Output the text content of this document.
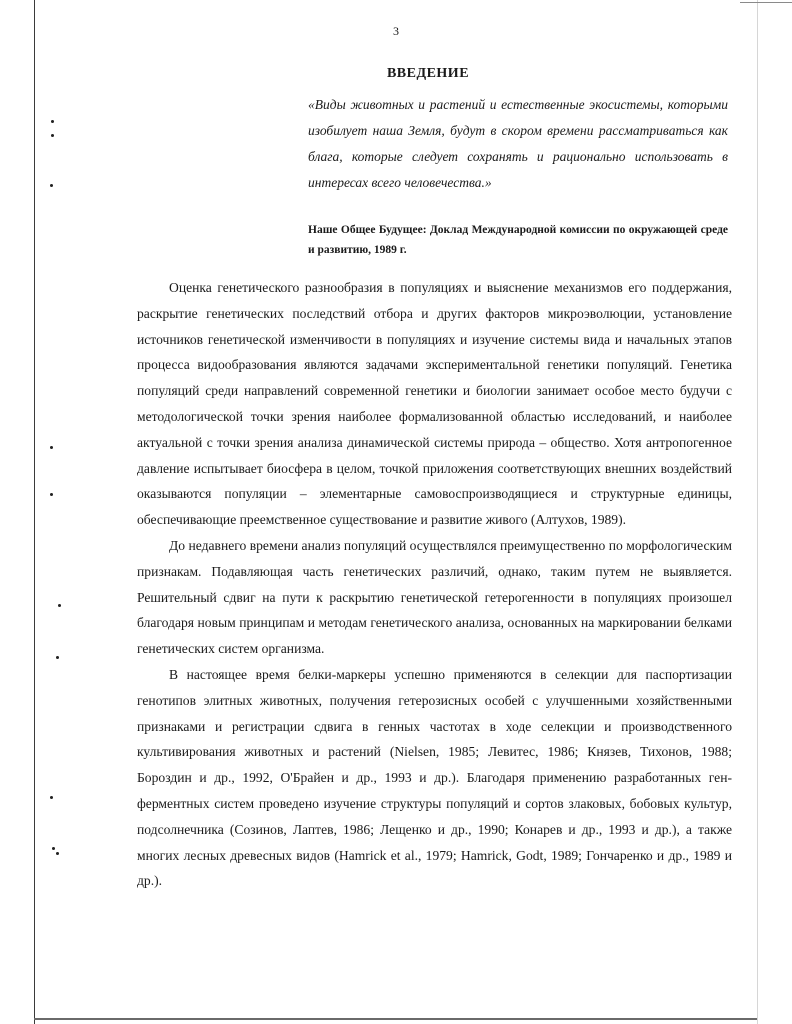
3
ВВЕДЕНИЕ
«Виды животных и растений и естественные экосистемы, которыми изобилует наша Земля, будут в скором времени рассматриваться как блага, которые следует сохранять и рационально использовать в интересах всего человечества.»
Наше Общее Будущее: Доклад Международной комиссии по окружающей среде и развитию, 1989 г.

Оценка генетического разнообразия в популяциях и выяснение механизмов его поддержания, раскрытие генетических последствий отбора и других факторов микроэволюции, установление источников генетической изменчивости в популяциях и изучение системы вида и начальных этапов процесса видообразования являются задачами экспериментальной генетики популяций. Генетика популяций среди направлений современной генетики и биологии занимает особое место будучи с методологической точки зрения наиболее формализованной областью исследований, и наиболее актуальной с точки зрения анализа динамической системы природа – общество. Хотя антропогенное давление испытывает биосфера в целом, точкой приложения соответствующих внешних воздействий оказываются популяции – элементарные самовоспроизводящиеся и структурные единицы, обеспечивающие преемственное существование и развитие живого (Алтухов, 1989).

До недавнего времени анализ популяций осуществлялся преимущественно по морфологическим признакам. Подавляющая часть генетических различий, однако, таким путем не выявляется. Решительный сдвиг на пути к раскрытию генетической гетерогенности в популяциях произошел благодаря новым принципам и методам генетического анализа, основанных на маркировании белками генетических систем организма.

В настоящее время белки-маркеры успешно применяются в селекции для паспортизации генотипов элитных животных, получения гетерозисных особей с улучшенными хозяйственными признаками и регистрации сдвига в генных частотах в ходе селекции и производственного культивирования животных и растений (Nielsen, 1985; Левитес, 1986; Князев, Тихонов, 1988; Бороздин и др., 1992, О'Брайен и др., 1993 и др.). Благодаря применению разработанных ген-ферментных систем проведено изучение структуры популяций и сортов злаковых, бобовых культур, подсолнечника (Созинов, Лаптев, 1986; Лещенко и др., 1990; Конарев и др., 1993 и др.), а также многих лесных древесных видов (Hamrick et al., 1979; Hamrick, Godt, 1989; Гончаренко и др., 1989 и др.).
